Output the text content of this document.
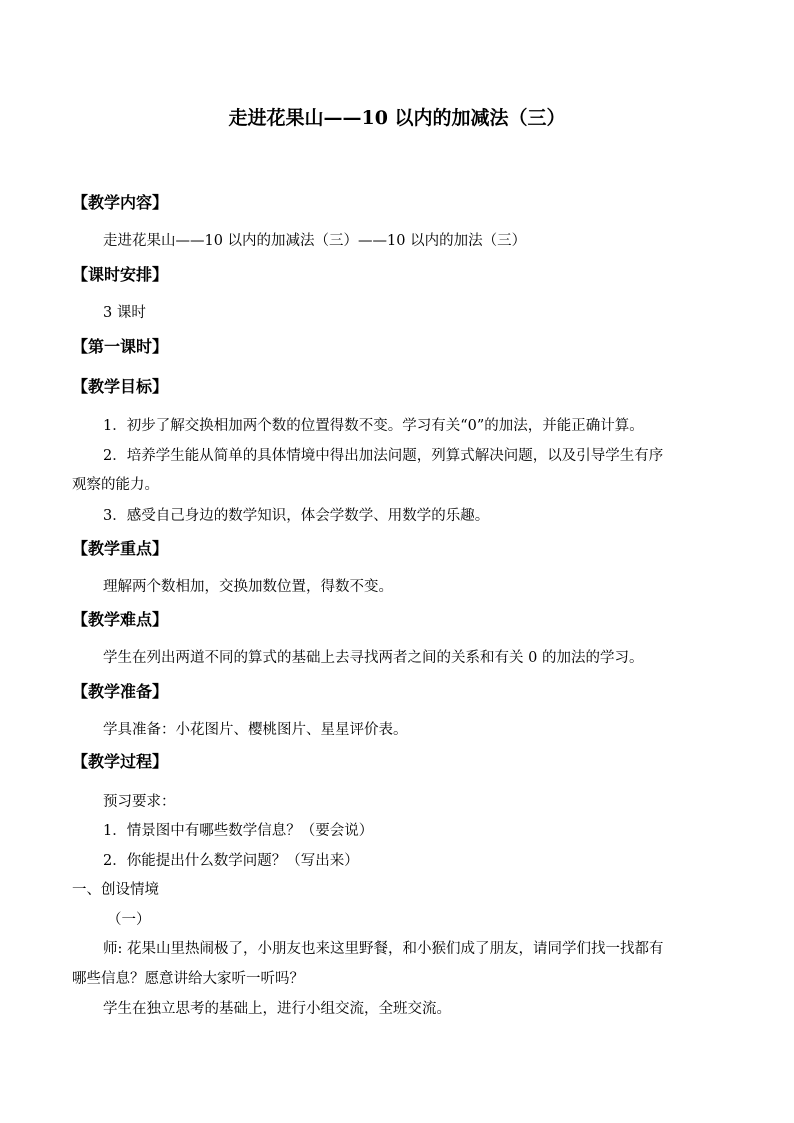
走进花果山——10 以内的加减法（三）
【教学内容】
走进花果山——10 以内的加减法（三）——10 以内的加法（三）
【课时安排】
3 课时
【第一课时】
【教学目标】
1．初步了解交换相加两个数的位置得数不变。学习有关“0”的加法，并能正确计算。
2．培养学生能从简单的具体情境中得出加法问题，列算式解决问题，以及引导学生有序
观察的能力。
3．感受自己身边的数学知识，体会学数学、用数学的乐趣。
【教学重点】
理解两个数相加，交换加数位置，得数不变。
【教学难点】
学生在列出两道不同的算式的基础上去寻找两者之间的关系和有关 0 的加法的学习。
【教学准备】
学具准备：小花图片、樱桃图片、星星评价表。
【教学过程】
预习要求：
1．情景图中有哪些数学信息？（要会说）
2．你能提出什么数学问题？（写出来）
一、创设情境
（一）
师: 花果山里热闹极了，小朋友也来这里野餐，和小猴们成了朋友，请同学们找一找都有
哪些信息？愿意讲给大家听一听吗？
学生在独立思考的基础上，进行小组交流，全班交流。
